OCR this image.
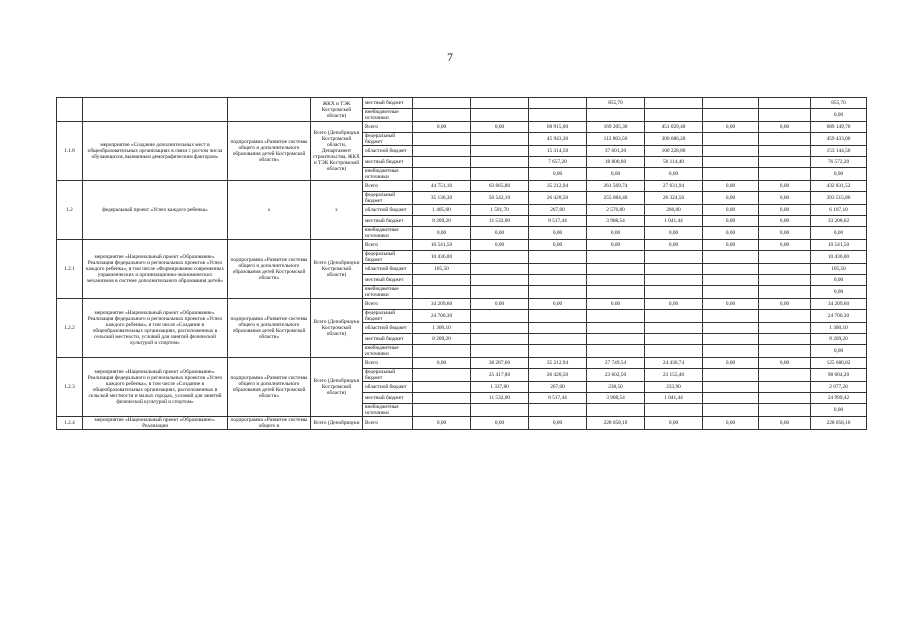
7
			ЖКХ и ТЭК Костромской области)	местный бюджет				855,70				855,70
				внебюджетные источники								0,00
1.1.8	мероприятие «Создание дополнительных мест в общеобразовательных организациях в связи с ростом числа обучающихся, вызванным демографическим фактором»	подпрограмма «Развитие системы общего и дополнительного образования детей Костромской области»	Всего (Депобрнауки Костромской области, Департамент строительства, ЖКХ и ТЭК Костромской области)	Всего	0,00	0,00	68 915,00	169 205,30	451 029,40	0,00	0,00	689 149,70
				федеральный бюджет			45 943,30	112 803,50	300 686,20			459 433,00
				областной бюджет			15 314,50	37 601,20	100 228,80			153 144,50
				местный бюджет			7 657,20	18 800,60	50 114,40			76 572,20
				внебюджетные источники			0,00	0,00	0,00			0,00
1.2	федеральный проект «Успех каждого ребенка»	х	х	Всего	44 751,10	63 665,80	35 212,94	261 569,74	27 631,94	0,00	0,00	432 831,52
				федеральный бюджет	35 136,30	50 542,10	26 428,50	255 084,40	26 324,50	0,00	0,00	393 515,80
				областной бюджет	1 405,60	1 591,70	267,00	2 576,80	266,00	0,00	0,00	6 107,10
				местный бюджет	8 209,20	11 532,00	8 517,44	3 908,54	1 041,44	0,00	0,00	33 208,62
				внебюджетные источники	0,00	0,00	0,00	0,00	0,00	0,00	0,00	0,00
1.2.1	мероприятие «Национальный проект «Образование». Реализация федерального и региональных проектов «Успех каждого ребенка», в том числе «Формирование современных управленческих и организационно-экономических механизмов в системе дополнительного образования детей»	подпрограмма «Развитие системы общего и дополнительного образования детей Костромской области»	Всего (Депобрнауки Костромской области)	Всего	10 541,50	0,00	0,00	0,00	0,00	0,00	0,00	10 541,50
				федеральный бюджет	10 436,00							10 436,00
				областной бюджет	105,50							105,50
				местный бюджет								0,00
				внебюджетные источники								0,00
1.2.2	мероприятие «Национальный проект «Образование». Реализация федерального и региональных проектов «Успех каждого ребенка», в том числе «Создание в общеобразовательных организациях, расположенных в сельской местности, условий для занятий физической культурой и спортом»	подпрограмма «Развитие системы общего и дополнительного образования детей Костромской области»	Всего (Депобрнауки Костромской области)	Всего	34 209,60	0,00	0,00	0,00	0,00	0,00	0,00	34 209,60
				федеральный бюджет	24 700,30							24 700,30
				областной бюджет	1 300,10							1 300,10
				местный бюджет	8 209,20							8 209,20
				внебюджетные источники								0,00
1.2.3	мероприятие «Национальный проект «Образование». Реализация федерального и региональных проектов «Успех каждого ребенка», в том числе «Создание в общеобразовательных организациях, расположенных в сельской местности и малых городах, условий для занятий физической культурой и спортом»	подпрограмма «Развитие системы общего и дополнительного образования детей Костромской области»	Всего (Депобрнауки Костромской области)	Всего	0,00	38 287,60	35 212,94	27 749,54	24 430,74	0,00	0,00	125 680,82
				федеральный бюджет		25 417,80	26 428,50	23 602,50	23 155,40			98 604,20
				областной бюджет		1 337,80	267,00	238,50	233,90			2 077,20
				местный бюджет		11 532,00	8 517,44	3 908,54	1 041,44			24 999,42
				внебюджетные источники								0,00
1.2.4	мероприятие «Национальный проект «Образование». Реализация	подпрограмма «Развитие системы общего и	Всего (Депобрнауки	Всего	0,00	0,00	0,00	228 058,10	0,00	0,00	0,00	228 058,10
